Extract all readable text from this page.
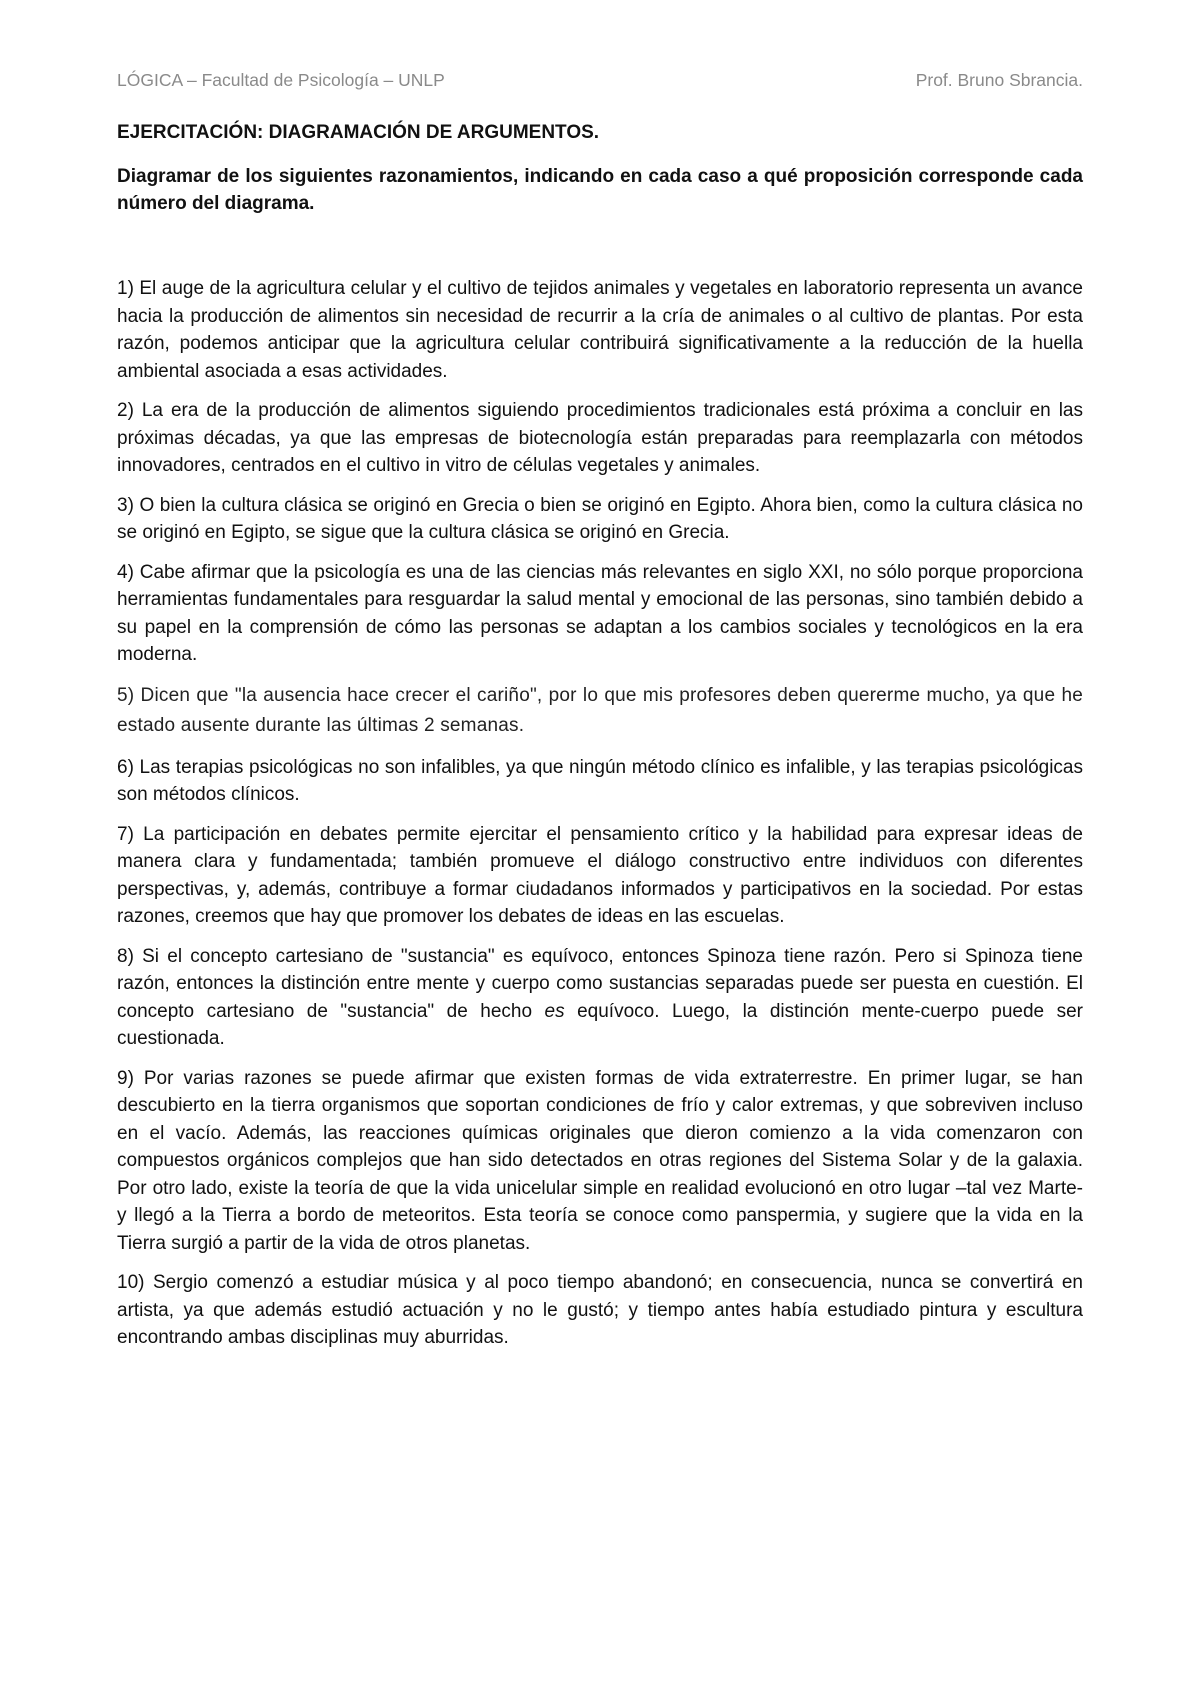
LÓGICA – Facultad de Psicología – UNLP	Prof. Bruno Sbrancia.
EJERCITACIÓN: DIAGRAMACIÓN DE ARGUMENTOS.
Diagramar de los siguientes razonamientos, indicando en cada caso a qué proposición corresponde cada número del diagrama.

1) El auge de la agricultura celular y el cultivo de tejidos animales y vegetales en laboratorio representa un avance hacia la producción de alimentos sin necesidad de recurrir a la cría de animales o al cultivo de plantas. Por esta razón, podemos anticipar que la agricultura celular contribuirá significativamente a la reducción de la huella ambiental asociada a esas actividades.

2) La era de la producción de alimentos siguiendo procedimientos tradicionales está próxima a concluir en las próximas décadas, ya que las empresas de biotecnología están preparadas para reemplazarla con métodos innovadores, centrados en el cultivo in vitro de células vegetales y animales.

3) O bien la cultura clásica se originó en Grecia o bien se originó en Egipto. Ahora bien, como la cultura clásica no se originó en Egipto, se sigue que la cultura clásica se originó en Grecia.

4) Cabe afirmar que la psicología es una de las ciencias más relevantes en siglo XXI, no sólo porque proporciona herramientas fundamentales para resguardar la salud mental y emocional de las personas, sino también debido a su papel en la comprensión de cómo las personas se adaptan a los cambios sociales y tecnológicos en la era moderna.

5) Dicen que "la ausencia hace crecer el cariño", por lo que mis profesores deben quererme mucho, ya que he estado ausente durante las últimas 2 semanas.

6) Las terapias psicológicas no son infalibles, ya que ningún método clínico es infalible, y las terapias psicológicas son métodos clínicos.

7) La participación en debates permite ejercitar el pensamiento crítico y la habilidad para expresar ideas de manera clara y fundamentada; también promueve el diálogo constructivo entre individuos con diferentes perspectivas, y, además, contribuye a formar ciudadanos informados y participativos en la sociedad. Por estas razones, creemos que hay que promover los debates de ideas en las escuelas.

8) Si el concepto cartesiano de "sustancia" es equívoco, entonces Spinoza tiene razón. Pero si Spinoza tiene razón, entonces la distinción entre mente y cuerpo como sustancias separadas puede ser puesta en cuestión. El concepto cartesiano de "sustancia" de hecho es equívoco. Luego, la distinción mente-cuerpo puede ser cuestionada.

9) Por varias razones se puede afirmar que existen formas de vida extraterrestre. En primer lugar, se han descubierto en la tierra organismos que soportan condiciones de frío y calor extremas, y que sobreviven incluso en el vacío. Además, las reacciones químicas originales que dieron comienzo a la vida comenzaron con compuestos orgánicos complejos que han sido detectados en otras regiones del Sistema Solar y de la galaxia. Por otro lado, existe la teoría de que la vida unicelular simple en realidad evolucionó en otro lugar –tal vez Marte- y llegó a la Tierra a bordo de meteoritos. Esta teoría se conoce como panspermia, y sugiere que la vida en la Tierra surgió a partir de la vida de otros planetas.

10) Sergio comenzó a estudiar música y al poco tiempo abandonó; en consecuencia, nunca se convertirá en artista, ya que además estudió actuación y no le gustó; y tiempo antes había estudiado pintura y escultura encontrando ambas disciplinas muy aburridas.
